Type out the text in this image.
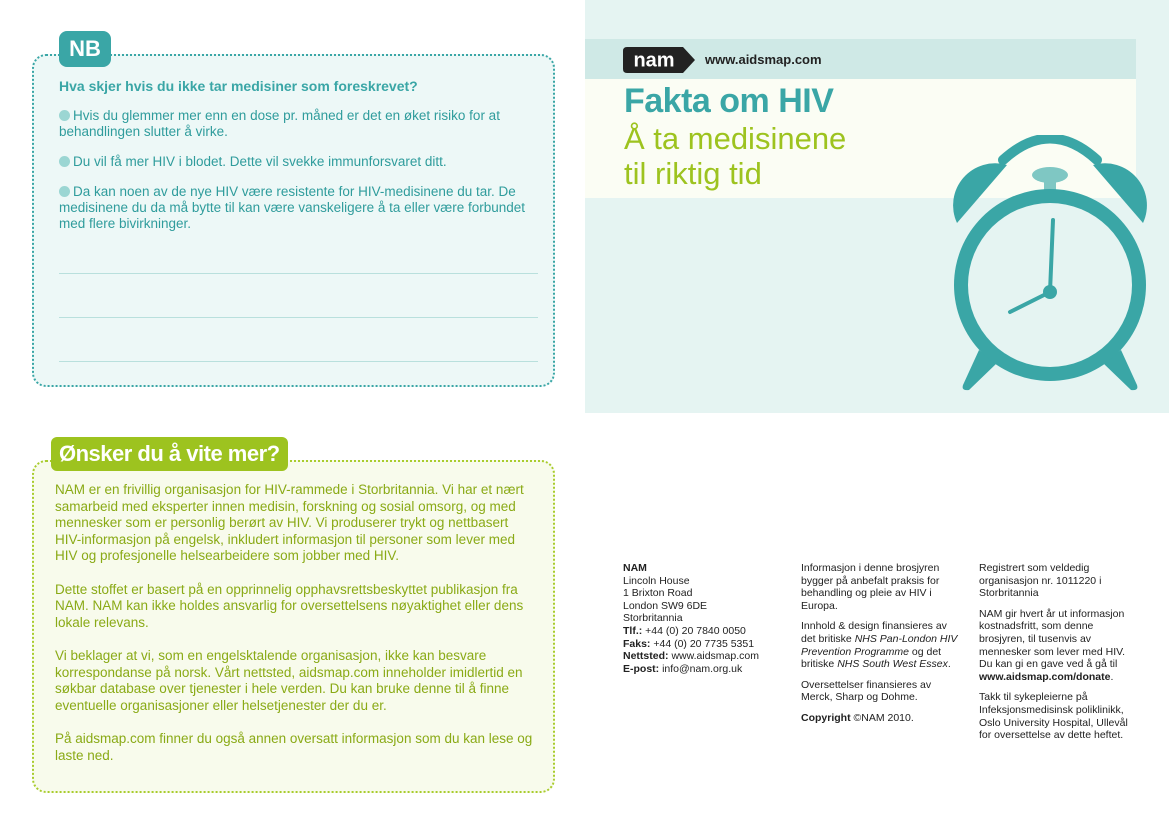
NB
Hva skjer hvis du ikke tar medisiner som foreskrevet?
Hvis du glemmer mer enn en dose pr. måned er det en øket risiko for at behandlingen slutter å virke.
Du vil få mer HIV i blodet. Dette vil svekke immunforsvaret ditt.
Da kan noen av de nye HIV være resistente for HIV-medisinene du tar. De medisinene du da må bytte til kan være vanskeligere å ta eller være forbundet med flere bivirkninger.
Ønsker du å vite mer?

NAM er en frivillig organisasjon for HIV-rammede i Storbritannia. Vi har et nært samarbeid med eksperter innen medisin, forskning og sosial omsorg, og med mennesker som er personlig berørt av HIV. Vi produserer trykt og nettbasert HIV-informasjon på engelsk, inkludert informasjon til personer som lever med HIV og profesjonelle helsearbeidere som jobber med HIV.

Dette stoffet er basert på en opprinnelig opphavsrettsbeskyttet publikasjon fra NAM. NAM kan ikke holdes ansvarlig for oversettelsens nøyaktighet eller dens lokale relevans.

Vi beklager at vi, som en engelsktalende organisasjon, ikke kan besvare korrespondanse på norsk. Vårt nettsted, aidsmap.com inneholder imidlertid en søkbar database over tjenester i hele verden. Du kan bruke denne til å finne eventuelle organisasjoner eller helsetjenester der du er.

På aidsmap.com finner du også annen oversatt informasjon som du kan lese og laste ned.

nam www.aidsmap.com
Fakta om HIV
Å ta medisinene
til riktig tid
NAM
Lincoln House
1 Brixton Road
London SW9 6DE
Storbritannia
Tlf.: +44 (0) 20 7840 0050
Faks: +44 (0) 20 7735 5351
Nettsted: www.aidsmap.com
E-post: info@nam.org.uk

Informasjon i denne brosjyren bygger på anbefalt praksis for behandling og pleie av HIV i Europa.

Innhold & design finansieres av det britiske NHS Pan-London HIV Prevention Programme og det britiske NHS South West Essex.

Oversettelser finansieres av Merck, Sharp og Dohme.

Copyright ©NAM 2010.

Registrert som veldedig organisasjon nr. 1011220 i Storbritannia

NAM gir hvert år ut informasjon kostnadsfritt, som denne brosjyren, til tusenvis av mennesker som lever med HIV. Du kan gi en gave ved å gå til www.aidsmap.com/donate.

Takk til sykepleierne på Infeksjonsmedisinsk poliklinikk, Oslo University Hospital, Ullevål for oversettelse av dette heftet.
